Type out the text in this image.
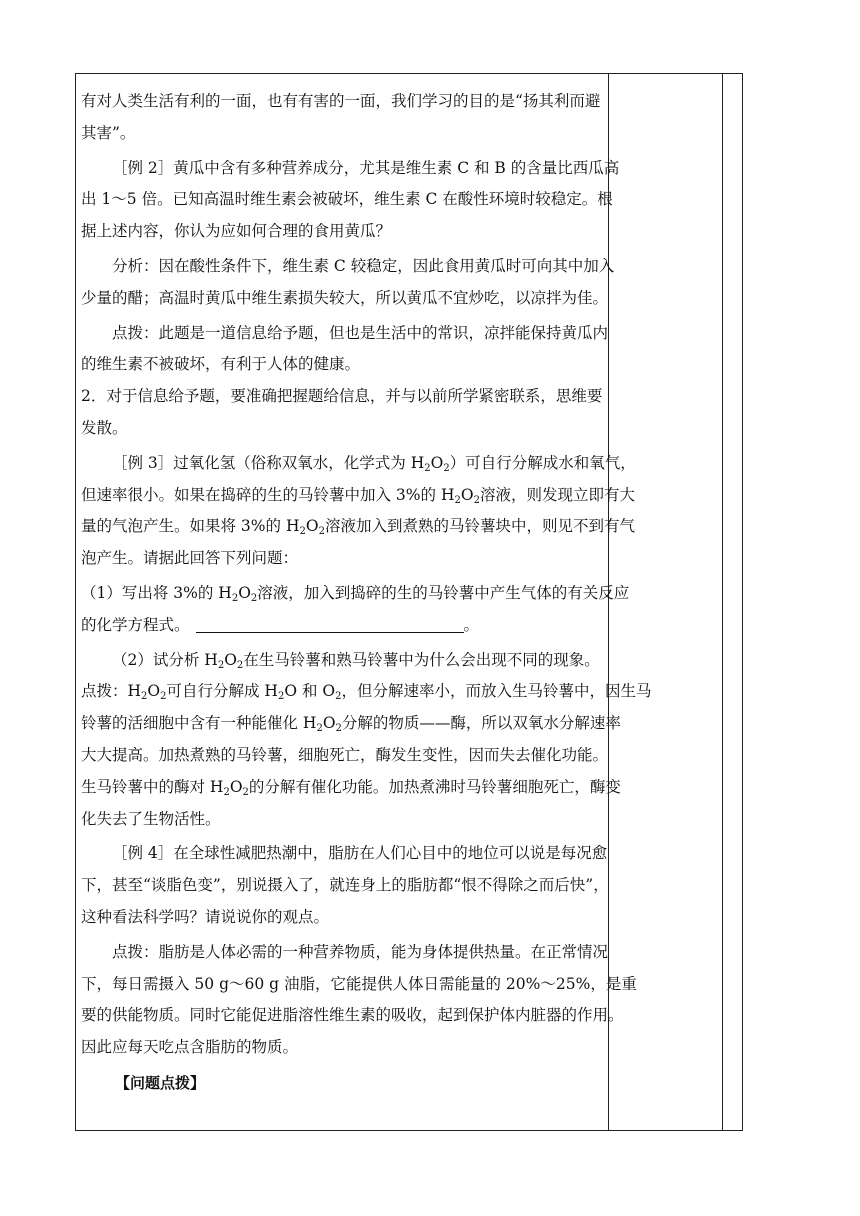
有对人类生活有利的一面，也有有害的一面，我们学习的目的是“扬其利而避
其害”。

［例 2］黄瓜中含有多种营养成分，尤其是维生素 C 和 B 的含量比西瓜高
出 1～5 倍。已知高温时维生素会被破坏，维生素 C 在酸性环境时较稳定。根
据上述内容，你认为应如何合理的食用黄瓜？

分析：因在酸性条件下，维生素 C 较稳定，因此食用黄瓜时可向其中加入
少量的醋；高温时黄瓜中维生素损失较大，所以黄瓜不宜炒吃，以凉拌为佳。

点拨：此题是一道信息给予题，但也是生活中的常识，凉拌能保持黄瓜内
的维生素不被破坏，有利于人体的健康。

2．对于信息给予题，要准确把握题给信息，并与以前所学紧密联系，思维要
发散。

［例 3］过氧化氢（俗称双氧水，化学式为 $H_2O_2$）可自行分解成水和氧气，
但速率很小。如果在捣碎的生的马铃薯中加入 3%的 $H_2O_2$溶液，则发现立即有大
量的气泡产生。如果将 3%的 $H_2O_2$溶液加入到煮熟的马铃薯块中，则见不到有气
泡产生。请据此回答下列问题：

（1）写出将 3%的 $H_2O_2$溶液，加入到捣碎的生的马铃薯中产生气体的有关反应
的化学方程式。	。

（2）试分析 $H_2O_2$在生马铃薯和熟马铃薯中为什么会出现不同的现象。

点拨：$H_2O_2$可自行分解成 $H_2O$ 和 $O_2$，但分解速率小，而放入生马铃薯中，因生马
铃薯的活细胞中含有一种能催化 $H_2O_2$分解的物质——酶，所以双氧水分解速率
大大提高。加热煮熟的马铃薯，细胞死亡，酶发生变性，因而失去催化功能。
生马铃薯中的酶对 $H_2O_2$的分解有催化功能。加热煮沸时马铃薯细胞死亡，酶变
化失去了生物活性。

［例 4］在全球性减肥热潮中，脂肪在人们心目中的地位可以说是每况愈
下，甚至“谈脂色变”，别说摄入了，就连身上的脂肪都“恨不得除之而后快”，
这种看法科学吗？请说说你的观点。

点拨：脂肪是人体必需的一种营养物质，能为身体提供热量。在正常情况
下，每日需摄入 50 g～60 g 油脂，它能提供人体日需能量的 20%～25%，是重
要的供能物质。同时它能促进脂溶性维生素的吸收，起到保护体内脏器的作用。
因此应每天吃点含脂肪的物质。

【问题点拨】
